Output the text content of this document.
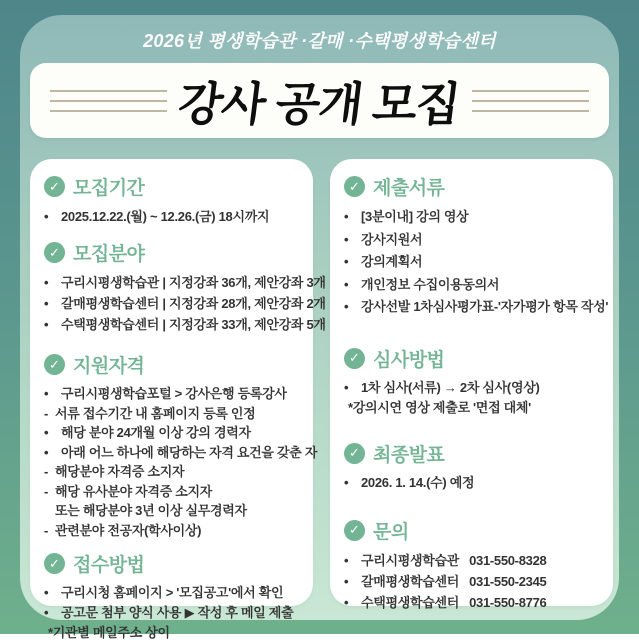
2026년 평생학습관 ·갈매 ·수택평생학습센터
강사 공개 모집
✓ 모집기간
• 2025.12.22.(월) ~ 12.26.(금) 18시까지
✓ 모집분야
• 구리시평생학습관 | 지정강좌 36개, 제안강좌 3개
• 갈매평생학습센터 | 지정강좌 28개, 제안강좌 2개
• 수택평생학습센터 | 지정강좌 33개, 제안강좌 5개
✓ 지원자격
• 구리시평생학습포털 > 강사은행 등록강사
- 서류 접수기간 내 홈페이지 등록 인정
• 해당 분야 24개월 이상 강의 경력자
• 아래 어느 하나에 해당하는 자격 요건을 갖춘 자
- 해당분야 자격증 소지자
- 해당 유사분야 자격증 소지자
또는 해당분야 3년 이상 실무경력자
- 관련분야 전공자(학사이상)
✓ 접수방법
• 구리시청 홈페이지 > '모집공고'에서 확인
• 공고문 첨부 양식 사용 ▶ 작성 후 메일 제출
*기관별 메일주소 상이
✓ 제출서류
• [3분이내] 강의 영상
• 강사지원서
• 강의계획서
• 개인정보 수집이용동의서
• 강사선발 1차심사평가표-'자가평가 항목 작성'
✓ 심사방법
• 1차 심사(서류) → 2차 심사(영상)
*강의시연 영상 제출로 '면접 대체'
✓ 최종발표
• 2026. 1. 14.(수) 예정
✓ 문의
• 구리시평생학습관 031-550-8328
• 갈매평생학습센터 031-550-2345
• 수택평생학습센터 031-550-8776
